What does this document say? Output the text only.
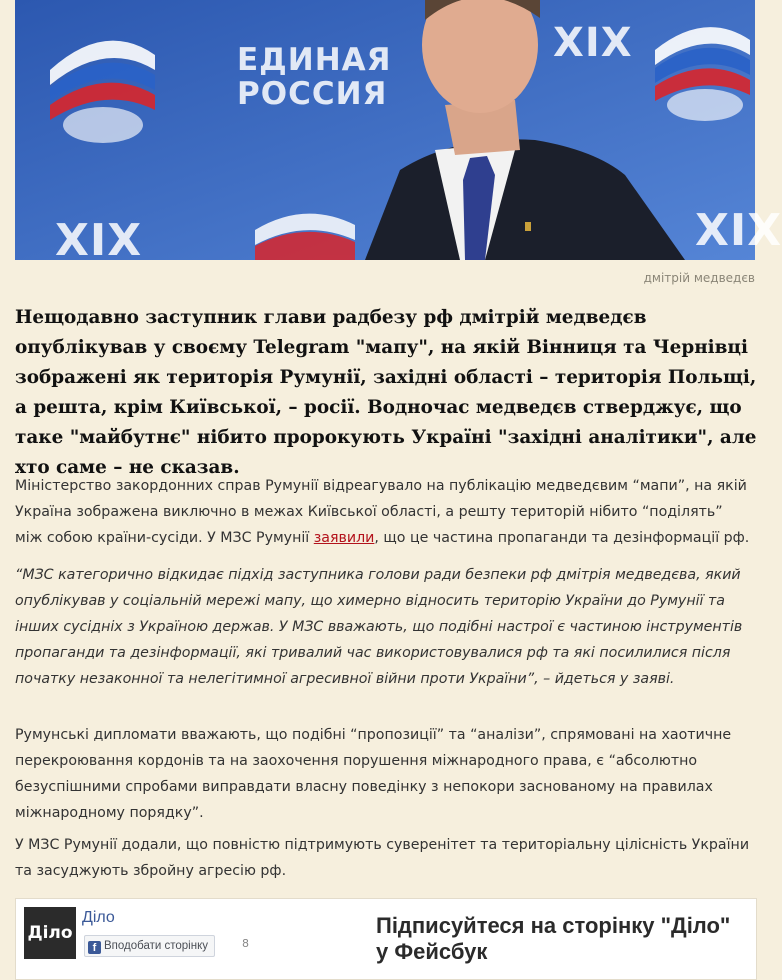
ЕДИНАЯ
РОССИЯ
XIX	XIX
XIX
дмітрій медведєв

Нещодавно заступник глави радбезу рф дмітрій медведєв опублікував у своєму Telegram "мапу", на якій Вінниця та Чернівці зображені як територія Румунії, західні області – територія Польщі, а решта, крім Київської, – росії. Водночас медведєв стверджує, що таке "майбутнє" нібито пророкують Україні "західні аналітики", але хто саме – не сказав.

Міністерство закордонних справ Румунії відреагувало на публікацію медведєвим “мапи”, на якій Україна зображена виключно в межах Київської області, а решту територій нібито “поділять” між собою країни-сусіди. У МЗС Румунії заявили, що це частина пропаганди та дезінформації рф.

“МЗС категорично відкидає підхід заступника голови ради безпеки рф дмітрія медведєва, який опублікував у соціальній мережі мапу, що химерно відносить територію України до Румунії та інших сусідніх з Україною держав. У МЗС вважають, що подібні настрої є частиною інструментів пропаганди та дезінформації, які тривалий час використовувалися рф та які посилилися після початку незаконної та нелегітимної агресивної війни проти України”, – йдеться у заяві.

Румунські дипломати вважають, що подібні “пропозиції” та “аналізи”, спрямовані на хаотичне перекроювання кордонів та на заохочення порушення міжнародного права, є “абсолютно безуспішними спробами виправдати власну поведінку з непокори заснованому на правилах міжнародному порядку”.

У МЗС Румунії додали, що повністю підтримують суверенітет та територіальну цілісність України та засуджують збройну агресію рф.

Діло
Діло
f Вподобати сторінку	8
Підписуйтеся на сторінку "Діло" у Фейсбук
